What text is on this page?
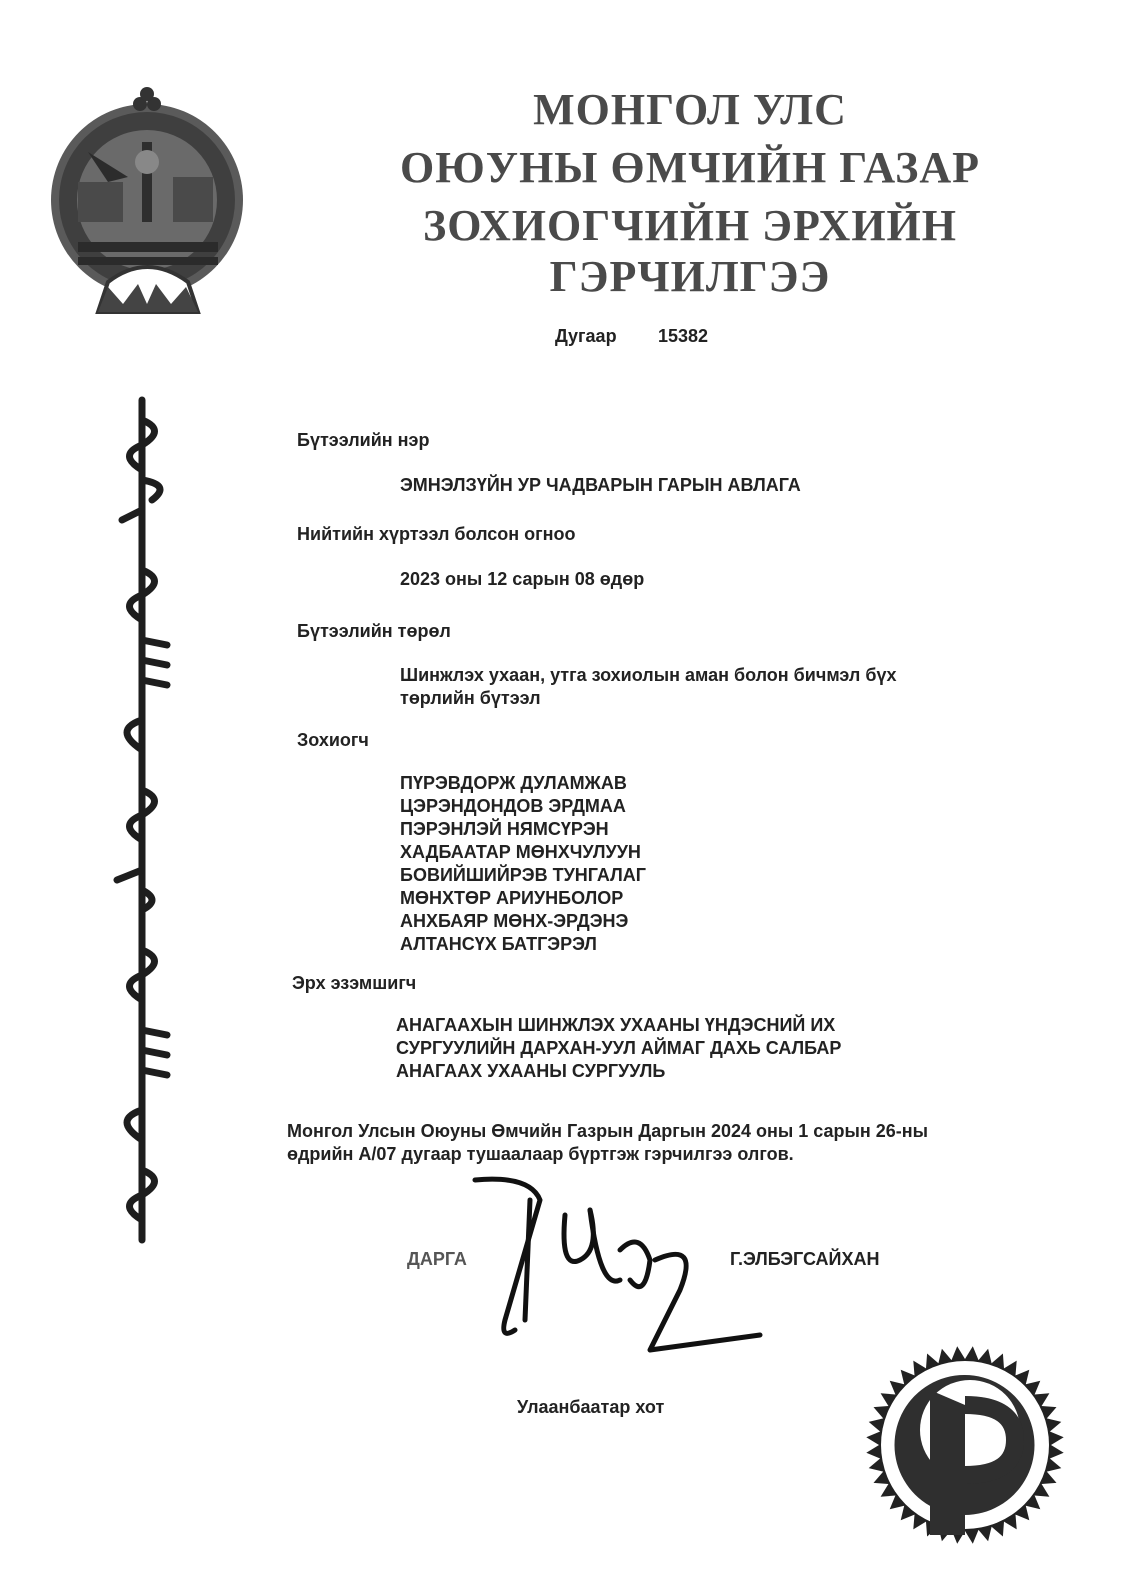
МОНГОЛ УЛС
ОЮУНЫ ӨМЧИЙН ГАЗАР
ЗОХИОГЧИЙН ЭРХИЙН ГЭРЧИЛГЭЭ
Дугаар 15382
Бүтээлийн нэр
ЭМНЭЛЗҮЙН УР ЧАДВАРЫН ГАРЫН АВЛАГА
Нийтийн хүртээл болсон огноо
2023 оны 12 сарын 08 өдөр
Бүтээлийн төрөл
Шинжлэх ухаан, утга зохиолын аман болон бичмэл бүх
төрлийн бүтээл
Зохиогч
ПҮРЭВДОРЖ ДУЛАМЖАВ
ЦЭРЭНДОНДОВ ЭРДМАА
ПЭРЭНЛЭЙ НЯМСҮРЭН
ХАДБААТАР МӨНХЧУЛУУН
БОВИЙШИЙРЭВ ТУНГАЛАГ
МӨНХТӨР АРИУНБОЛОР
АНХБАЯР МӨНХ-ЭРДЭНЭ
АЛТАНСҮХ БАТГЭРЭЛ
Эрх эзэмшигч
АНАГААХЫН ШИНЖЛЭХ УХААНЫ ҮНДЭСНИЙ ИХ
СУРГУУЛИЙН ДАРХАН-УУЛ АЙМАГ ДАХЬ САЛБАР
АНАГААХ УХААНЫ СУРГУУЛЬ
Монгол Улсын Оюуны Өмчийн Газрын Даргын 2024 оны 1 сарын 26-ны
өдрийн А/07 дугаар тушаалаар бүртгэж гэрчилгээ олгов.
ДАРГА	Г.ЭЛБЭГСАЙХАН
Улаанбаатар хот
